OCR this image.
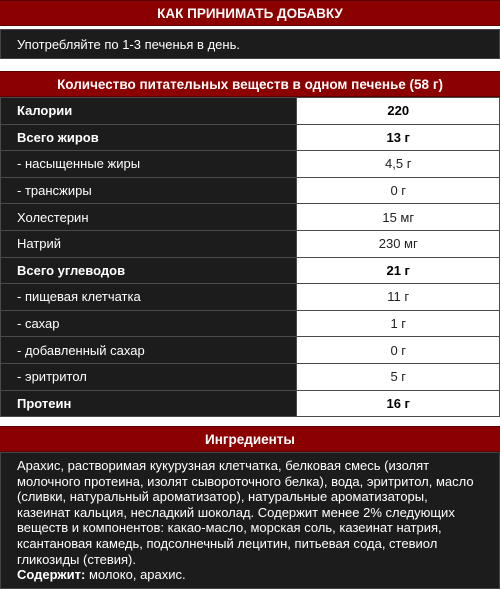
КАК ПРИНИМАТЬ ДОБАВКУ
Употребляйте по 1-3 печенья в день.
Количество питательных веществ в одном печенье (58 г)
Калории	220
Всего жиров	13 г
- насыщенные жиры	4,5 г
- трансжиры	0 г
Холестерин	15 мг
Натрий	230 мг
Всего углеводов	21 г
- пищевая клетчатка	11 г
- сахар	1 г
- добавленный сахар	0 г
- эритритол	5 г
Протеин	16 г
Ингредиенты
Арахис, растворимая кукурузная клетчатка, белковая смесь (изолят молочного протеина, изолят сывороточного белка), вода, эритритол, масло (сливки, натуральный ароматизатор), натуральные ароматизаторы, казеинат кальция, несладкий шоколад. Содержит менее 2% следующих веществ и компонентов: какао-масло, морская соль, казеинат натрия, ксантановая камедь, подсолнечный лецитин, питьевая сода, стевиол гликозиды (стевия).
Содержит: молоко, арахис.
